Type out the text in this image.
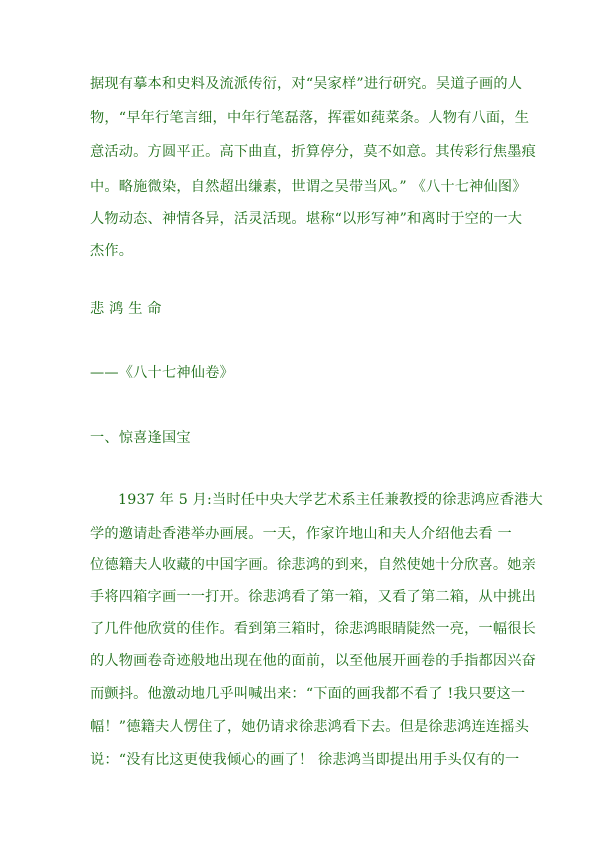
据现有摹本和史料及流派传衍，对“吴家样”进行研究。吴道子画的人
物，“早年行笔言细，中年行笔磊落，挥霍如莼菜条。人物有八面，生
意活动。方圆平正。高下曲直，折算停分，莫不如意。其传彩行焦墨痕
中。略施微染，自然超出缣素，世谓之吴带当风。” 《八十七神仙图》
人物动态、神情各异，活灵活现。堪称“以形写神”和离时于空的一大
杰作。
悲 鸿 生 命
——《八十七神仙卷》
一、惊喜逢国宝
1937 年 5 月:当时任中央大学艺术系主任兼教授的徐悲鸿应香港大
学的邀请赴香港举办画展。一天，作家许地山和夫人介绍他去看 一
位德籍夫人收藏的中国字画。徐悲鸿的到来，自然使她十分欣喜。她亲
手将四箱字画一一打开。徐悲鸿看了第一箱，又看了第二箱，从中挑出
了几件他欣赏的佳作。看到第三箱时，徐悲鸿眼睛陡然一亮，一幅很长
的人物画卷奇迹般地出现在他的面前，以至他展开画卷的手指都因兴奋
而颤抖。他激动地几乎叫喊出来：“下面的画我都不看了 !我只要这一
幅！”德籍夫人愣住了，她仍请求徐悲鸿看下去。但是徐悲鸿连连摇头
说：“没有比这更使我倾心的画了！ 徐悲鸿当即提出用手头仅有的一
